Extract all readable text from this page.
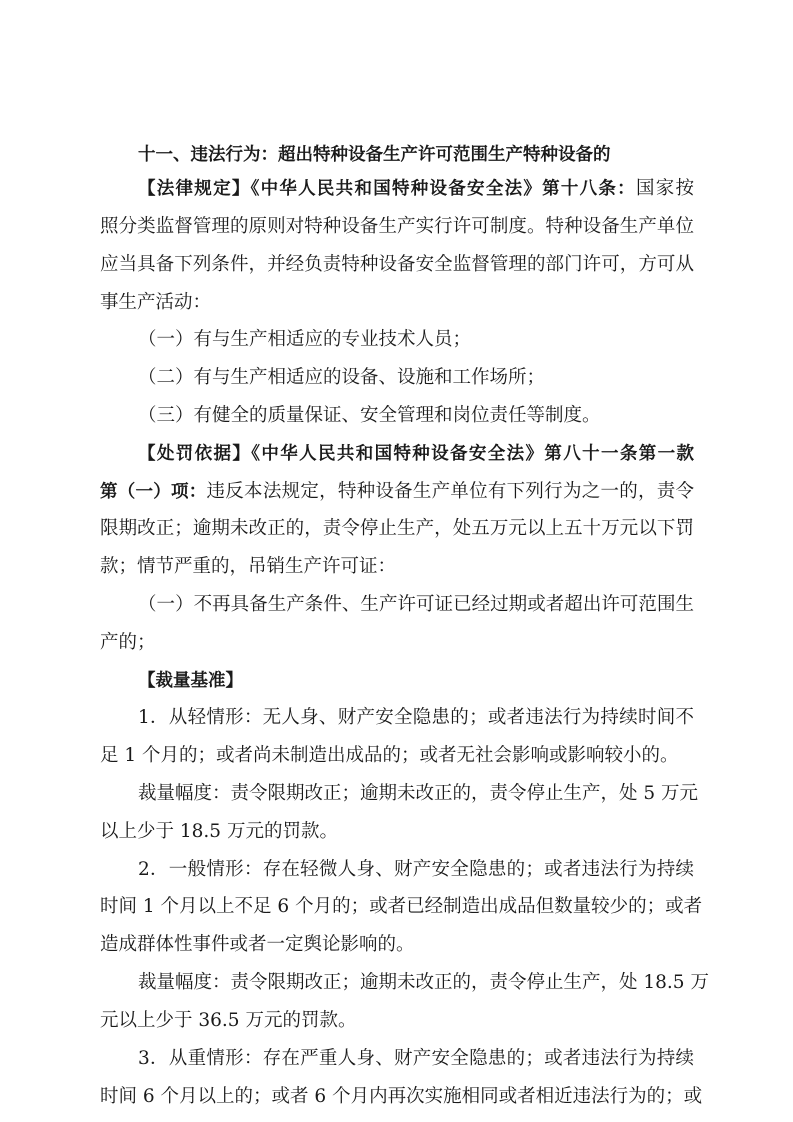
十一、违法行为：超出特种设备生产许可范围生产特种设备的
【法律规定】《中华人民共和国特种设备安全法》第十八条：国家按
照分类监督管理的原则对特种设备生产实行许可制度。特种设备生产单位
应当具备下列条件，并经负责特种设备安全监督管理的部门许可，方可从
事生产活动：
（一）有与生产相适应的专业技术人员；
（二）有与生产相适应的设备、设施和工作场所；
（三）有健全的质量保证、安全管理和岗位责任等制度。
【处罚依据】《中华人民共和国特种设备安全法》第八十一条第一款
第（一）项：违反本法规定，特种设备生产单位有下列行为之一的，责令
限期改正；逾期未改正的，责令停止生产，处五万元以上五十万元以下罚
款；情节严重的，吊销生产许可证：
（一）不再具备生产条件、生产许可证已经过期或者超出许可范围生
产的；
【裁量基准】
1．从轻情形：无人身、财产安全隐患的；或者违法行为持续时间不
足 1 个月的；或者尚未制造出成品的；或者无社会影响或影响较小的。
裁量幅度：责令限期改正；逾期未改正的，责令停止生产，处 5 万元
以上少于 18.5 万元的罚款。
2．一般情形：存在轻微人身、财产安全隐患的；或者违法行为持续
时间 1 个月以上不足 6 个月的；或者已经制造出成品但数量较少的；或者
造成群体性事件或者一定舆论影响的。
裁量幅度：责令限期改正；逾期未改正的，责令停止生产，处 18.5 万
元以上少于 36.5 万元的罚款。
3．从重情形：存在严重人身、财产安全隐患的；或者违法行为持续
时间 6 个月以上的；或者 6 个月内再次实施相同或者相近违法行为的；或
